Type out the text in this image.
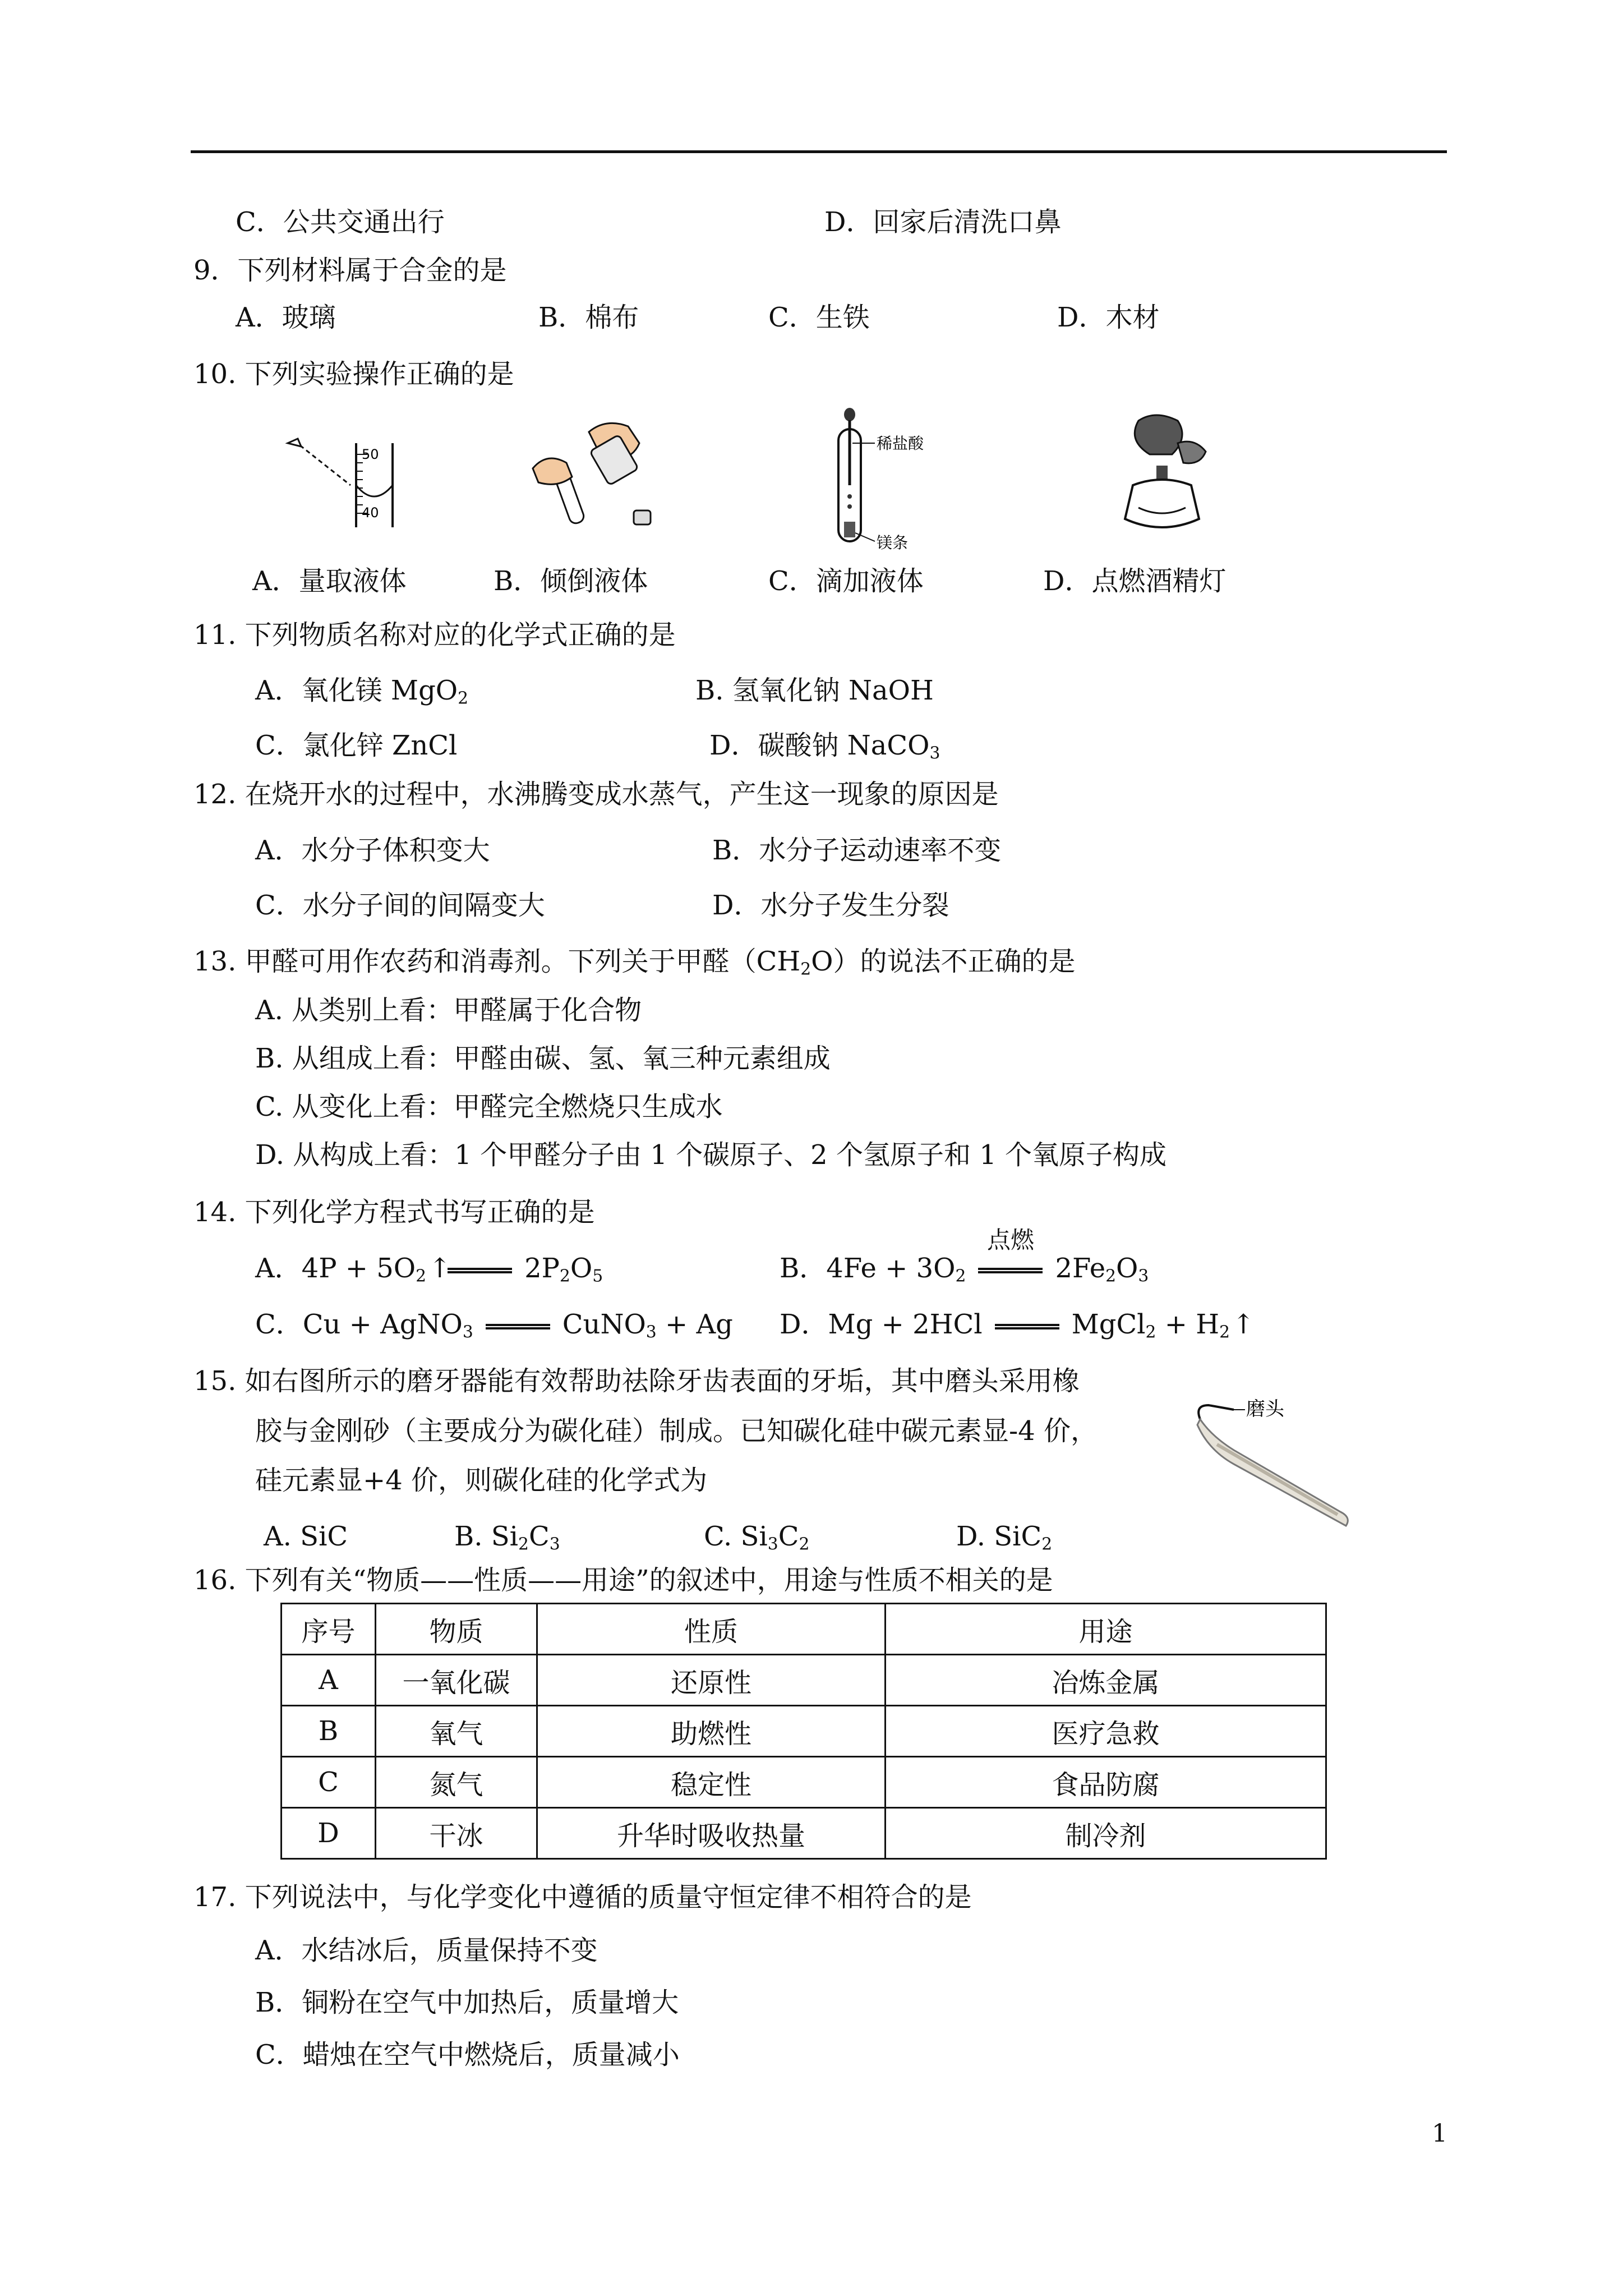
C．公共交通出行	D．回家后清洗口鼻
9．下列材料属于合金的是
A．玻璃	B．棉布	C．生铁	D．木材
10. 下列实验操作正确的是
50
40
稀盐酸
镁条
A．量取液体	B．倾倒液体	C．滴加液体	D．点燃酒精灯
11. 下列物质名称对应的化学式正确的是
A．氧化镁 MgO$_2$	B. 氢氧化钠 NaOH
C．氯化锌 ZnCl	D．碳酸钠 NaCO$_3$
12. 在烧开水的过程中，水沸腾变成水蒸气，产生这一现象的原因是
A．水分子体积变大	B．水分子运动速率不变
C．水分子间的间隔变大	D．水分子发生分裂
13. 甲醛可用作农药和消毒剂。下列关于甲醛$(CH_2O)$的说法不正确的是
A. 从类别上看：甲醛属于化合物
B. 从组成上看：甲醛由碳、氢、氧三种元素组成
C. 从变化上看：甲醛完全燃烧只生成水
D. 从构成上看：1 个甲醛分子由 1 个碳原子、2 个氢原子和 1 个氧原子构成
14. 下列化学方程式书写正确的是
A．$4P + 5O_2↑$	$2P_2O_5$	B．$4Fe + 3O_2$
点燃
$2Fe_2O_3$
C．Cu + AgNO$_3$	CuNO$_3$ + Ag D．Mg + 2HCl	MgCl$_2$ + $H_2↑$
15. 如右图所示的磨牙器能有效帮助祛除牙齿表面的牙垢，其中磨头采用橡
胶与金刚砂（主要成分为碳化硅）制成。已知碳化硅中碳元素显-4 价，
硅元素显+4 价，则碳化硅的化学式为
磨头
A. SiC	B. $Si_2C_3$	C. $Si_3C_2$	D. SiC$_2$
16. 下列有关“物质——性质——用途”的叙述中，用途与性质不相关的是
序号	物质	性质	用途
A	一氧化碳	还原性	冶炼金属
B	氧气	助燃性	医疗急救
C	氮气	稳定性	食品防腐
D	干冰	升华时吸收热量	制冷剂
17. 下列说法中，与化学变化中遵循的质量守恒定律不相符合的是
A．水结冰后，质量保持不变
B．铜粉在空气中加热后，质量增大
C．蜡烛在空气中燃烧后，质量减小
1
